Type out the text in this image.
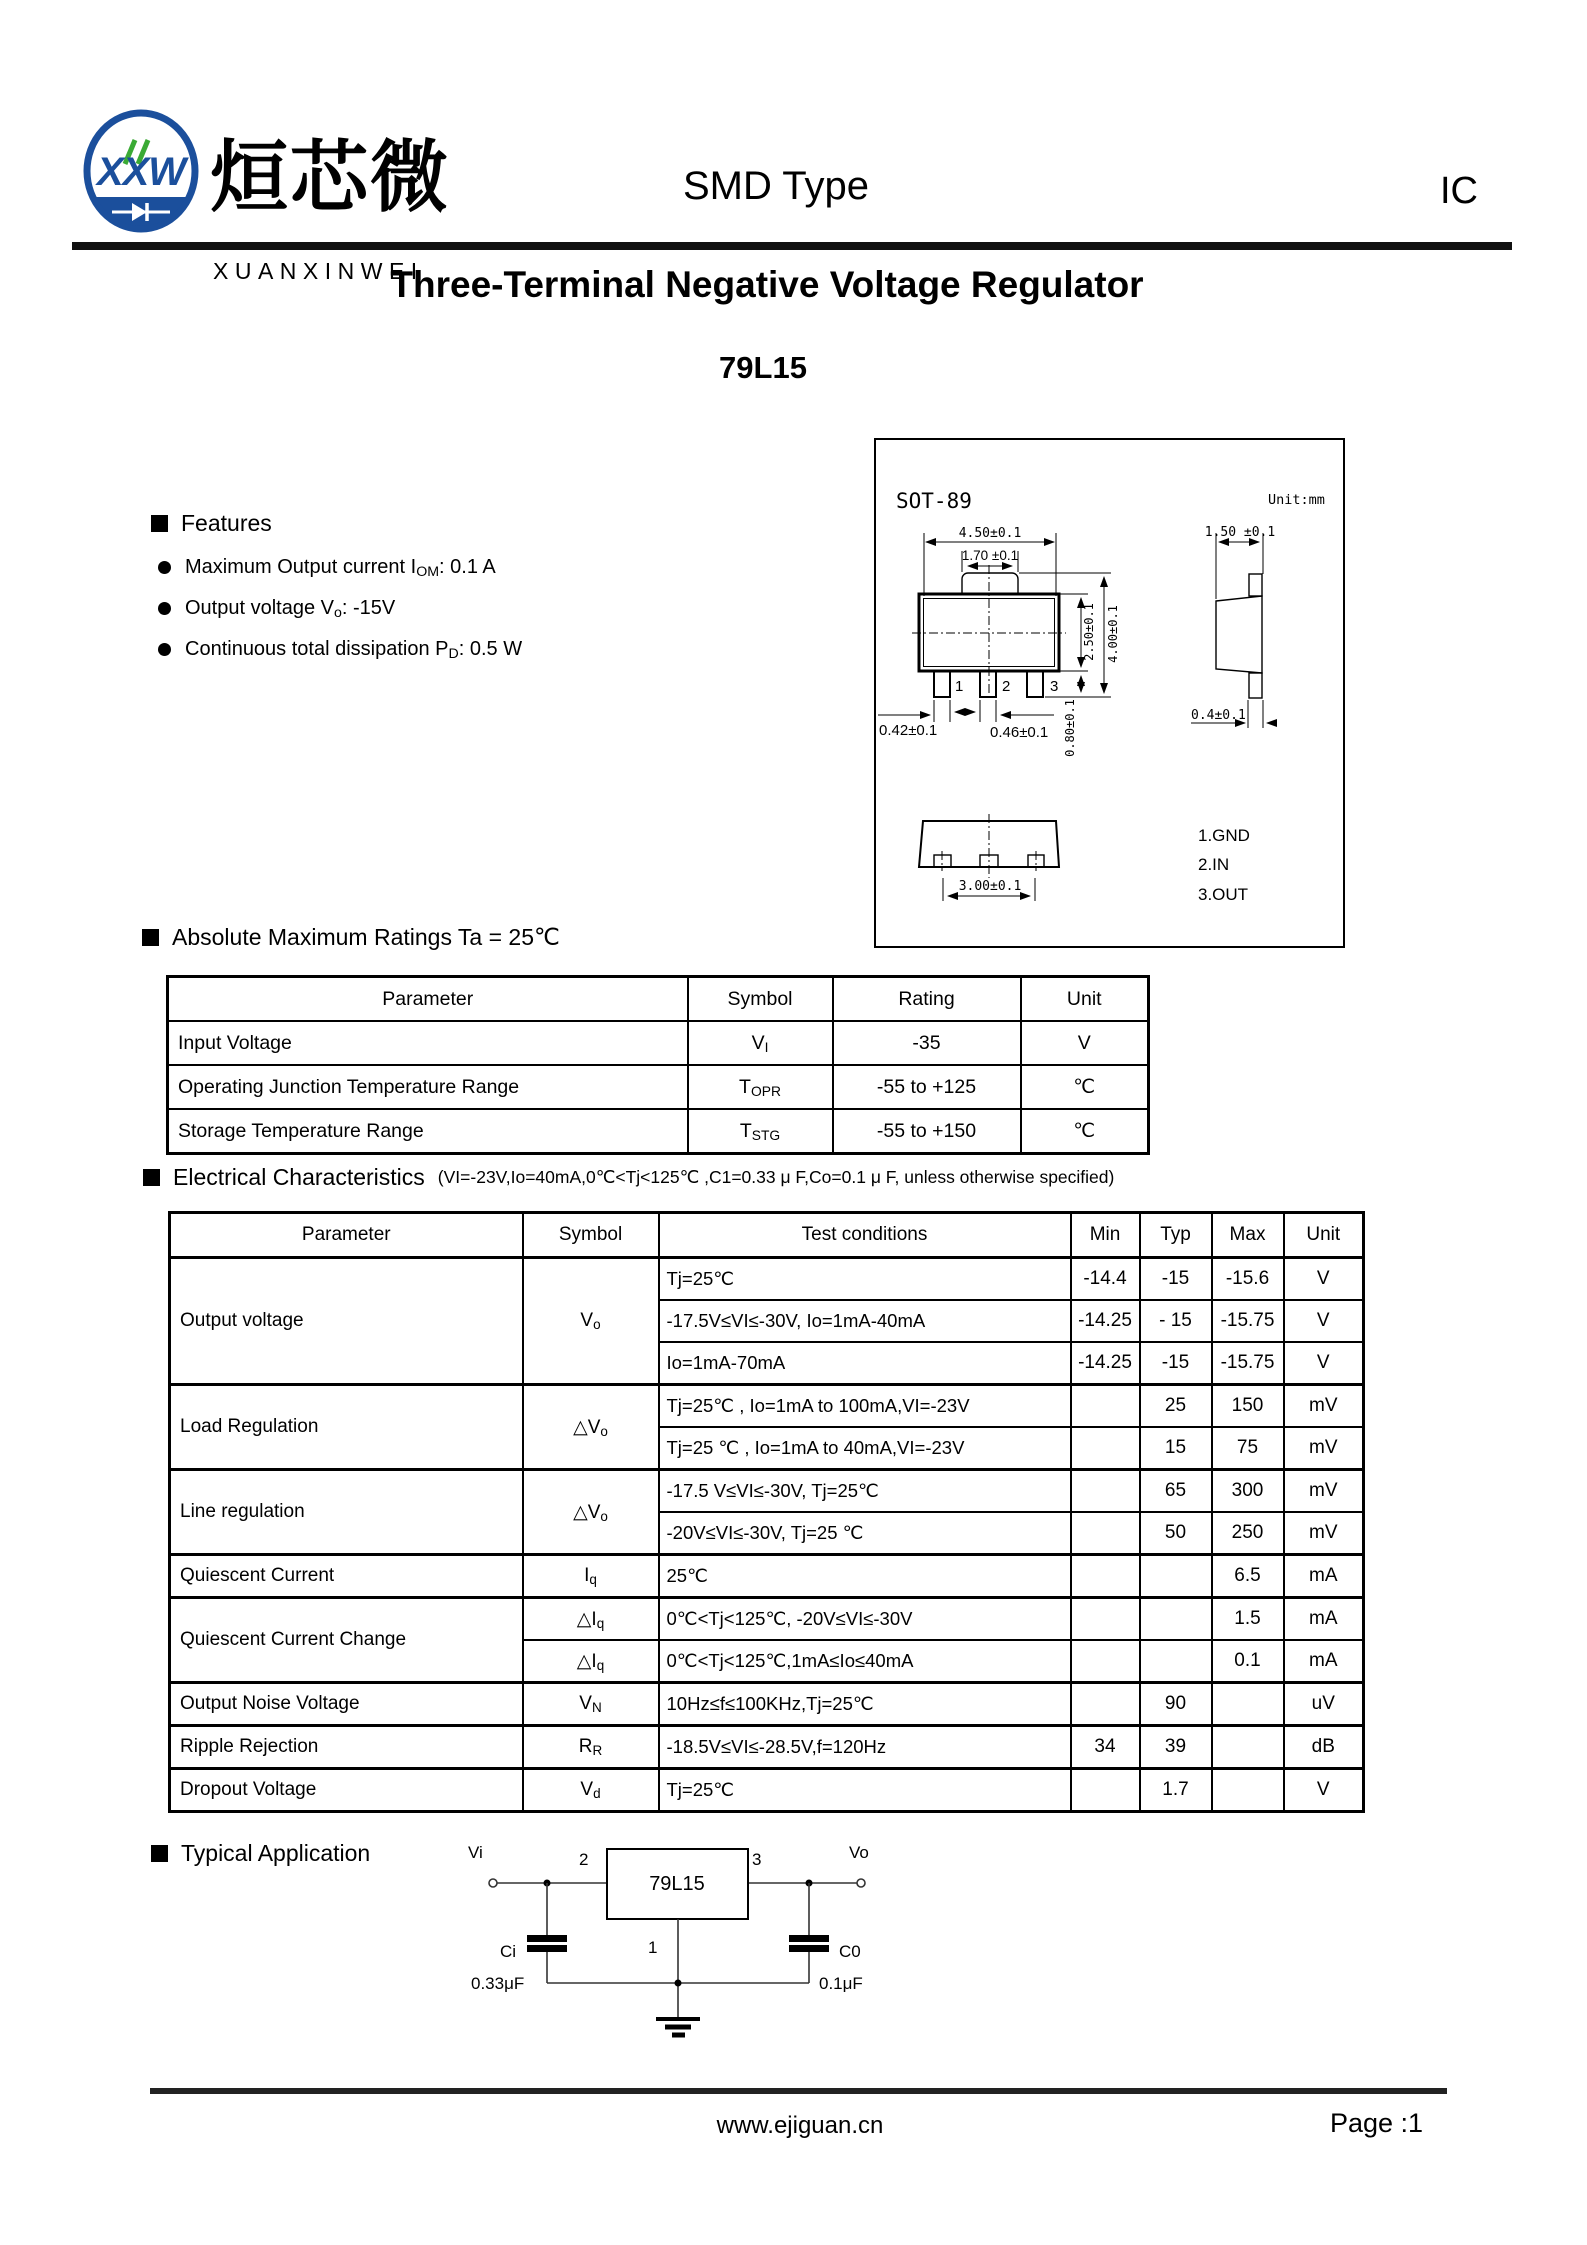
XXW 烜芯微
XUANXINWEI
SMD Type	IC
Three-Terminal Negative Voltage Regulator
79L15
Features
Maximum Output current $I_{OM}$: 0.1 A
Output voltage $V_o$: -15V
Continuous total dissipation $P_D$: 0.5 W
SOT-89	Unit:mm
4.50±0.1
1.70 ±0.1
1	2	3
2.50±0.1 4.00±0.1
0.80±0.1
0.42±0.1	0.46±0.1
1.50 ±0.1
0.4±0.1
3.00±0.1
1.GND
2.IN
3.OUT
Absolute Maximum Ratings Ta = 25℃
Parameter	Symbol	Rating	Unit
Input Voltage	$V_I$	-35	V
Operating Junction Temperature Range	$T_{OPR}$	-55 to +125	℃
Storage Temperature Range	$T_{STG}$	-55 to +150	℃
Electrical Characteristics (VI=-23V,Io=40mA,0℃<Tj<125℃ ,C1=0.33 μ F,Co=0.1 μ F, unless otherwise specified)
Parameter	Symbol	Test conditions	Min	Typ	Max	Unit
Output voltage	$V_o$	Tj=25℃	-14.4	-15	-15.6	V
		-17.5V≤VI≤-30V, Io=1mA-40mA	-14.25	- 15	-15.75	V
		Io=1mA-70mA	-14.25	-15	-15.75	V
Load Regulation	$\triangle V_o$	Tj=25℃ , Io=1mA to 100mA,VI=-23V		25	150	mV
		Tj=25 ℃ , Io=1mA to 40mA,VI=-23V		15	75	mV
Line regulation	$\triangle V_o$	-17.5 V≤VI≤-30V, Tj=25℃		65	300	mV
		-20V≤VI≤-30V, Tj=25 ℃		50	250	mV
Quiescent Current	$I_q$	25℃			6.5	mA
Quiescent Current Change	$\triangle I_q$	0℃<Tj<125℃, -20V≤VI≤-30V			1.5	mA
	$\triangle I_q$	0℃<Tj<125℃,1mA≤Io≤40mA			0.1	mA
Output Noise Voltage	$V_N$	10Hz≤f≤100KHz,Tj=25℃		90		uV
Ripple Rejection	$R_R$	-18.5V≤VI≤-28.5V,f=120Hz	34	39		dB
Dropout Voltage	$V_d$	Tj=25℃		1.7		V
Typical Application	Vi	Vo
2	3
79L15
Ci
0.33μF
C0
0.1μF
1
www.ejiguan.cn	Page :1
